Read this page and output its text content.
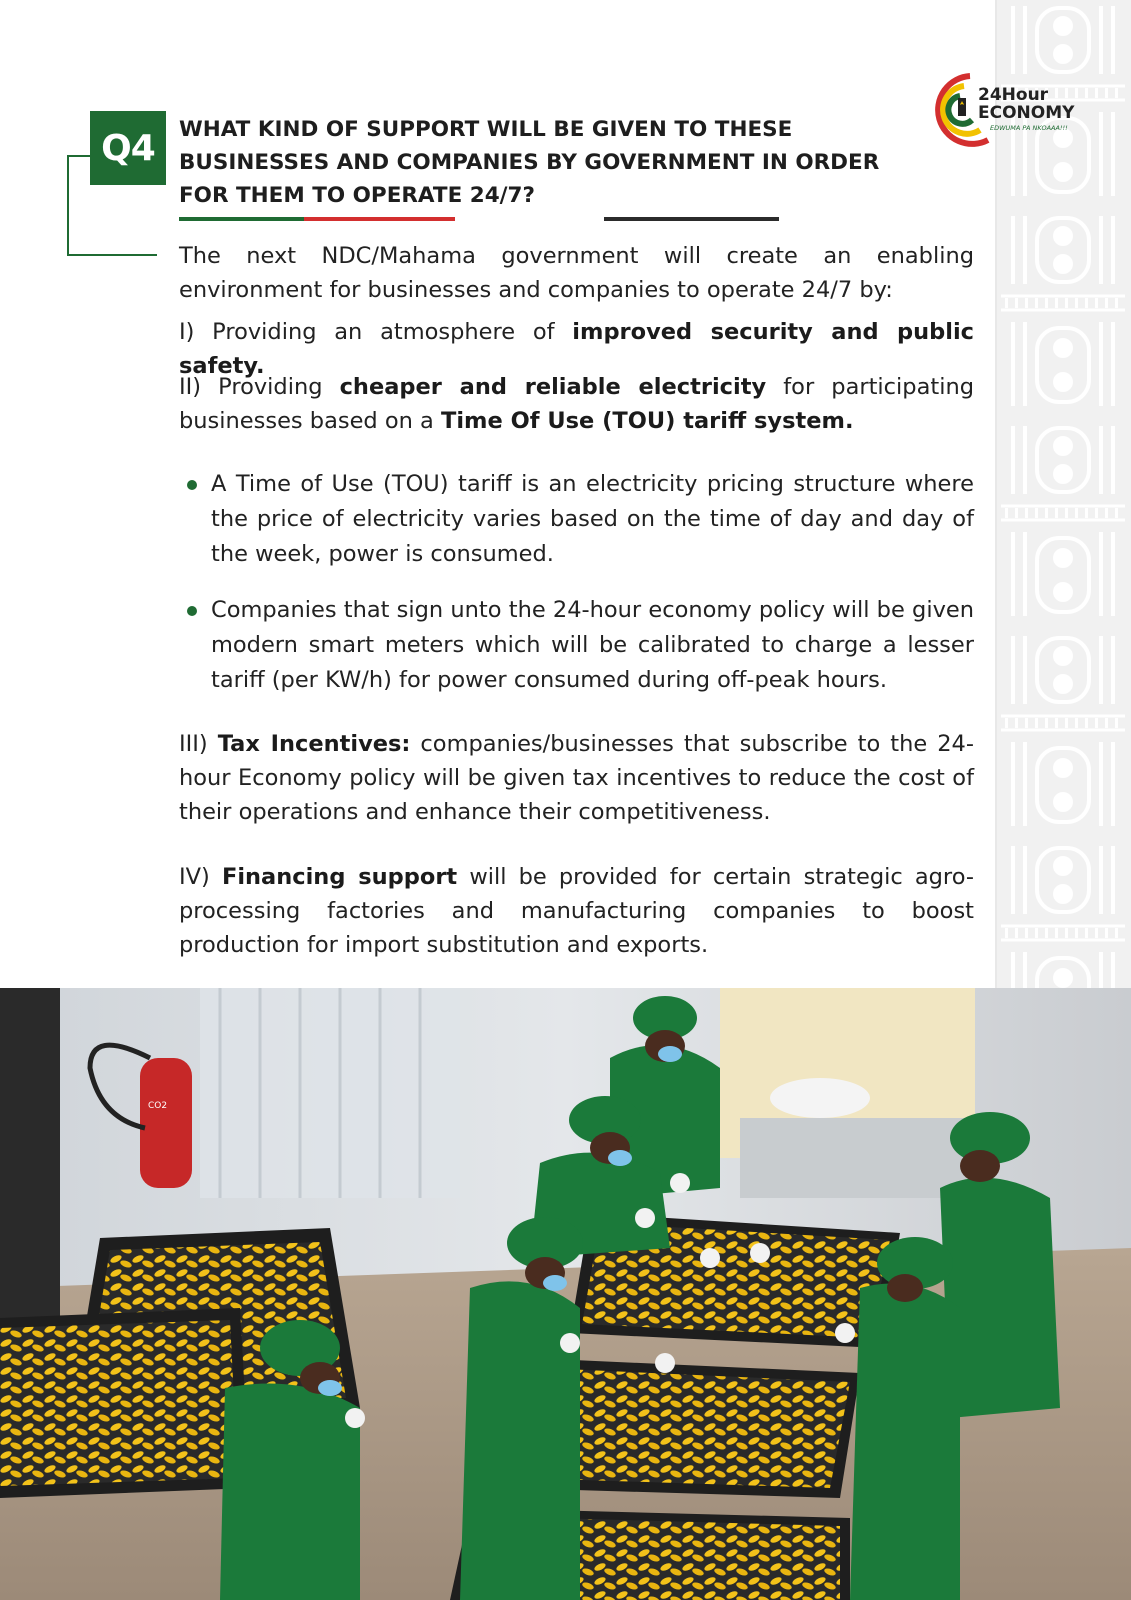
24Hour
ECONOMY
EDWUMA PA NKOAAA!!!
Q4	WHAT KIND OF SUPPORT WILL BE GIVEN TO THESE BUSINESSES AND COMPANIES BY GOVERNMENT IN ORDER FOR THEM TO OPERATE 24/7?

The next NDC/Mahama government will create an enabling environment for businesses and companies to operate 24/7 by:

I) Providing an atmosphere of improved security and public safety.

II) Providing cheaper and reliable electricity for participating businesses based on a Time Of Use (TOU) tariff system.

A Time of Use (TOU) tariff is an electricity pricing structure where the price of electricity varies based on the time of day and day of the week, power is consumed.
Companies that sign unto the 24-hour economy policy will be given modern smart meters which will be calibrated to charge a lesser tariff (per KW/h) for power consumed during off-peak hours.

III) Tax Incentives: companies/businesses that subscribe to the 24-hour Economy policy will be given tax incentives to reduce the cost of their operations and enhance their competitiveness.

IV) Financing support will be provided for certain strategic agro-processing factories and manufacturing companies to boost production for import substitution and exports.

CO2
